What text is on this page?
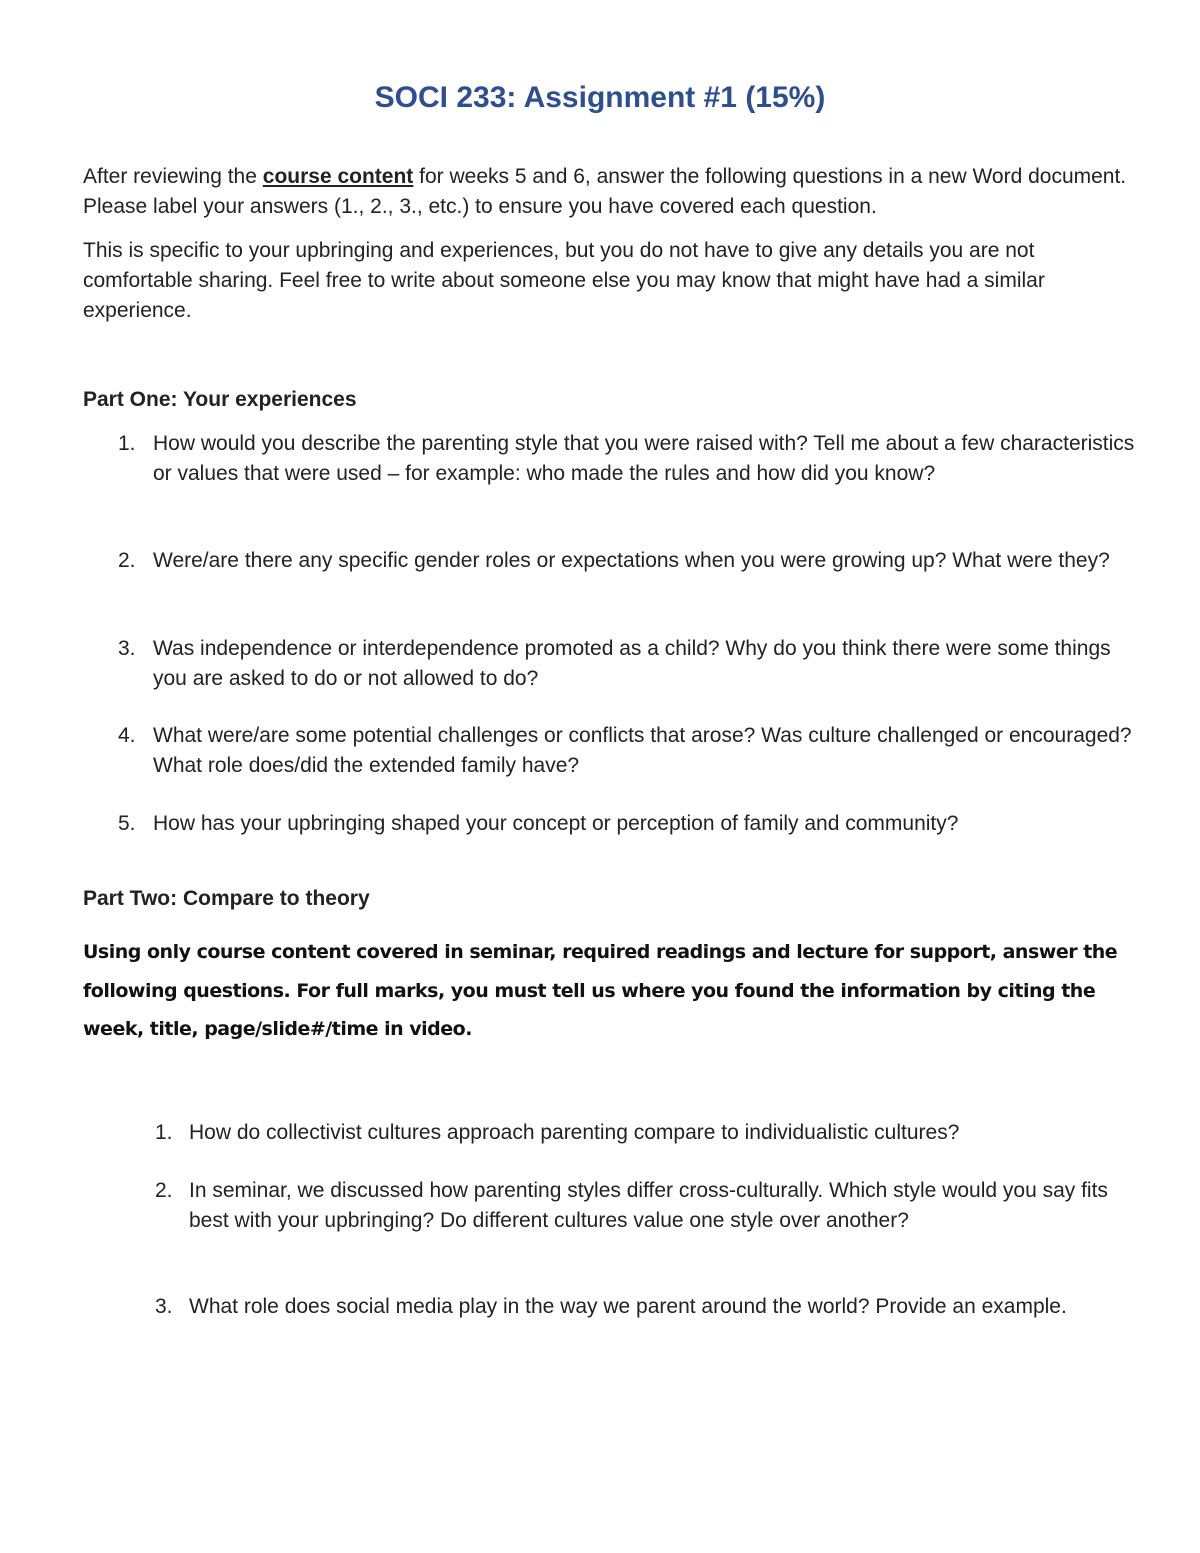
SOCI 233: Assignment #1 (15%)

After reviewing the course content for weeks 5 and 6, answer the following questions in a new Word document. Please label your answers (1., 2., 3., etc.) to ensure you have covered each question.

This is specific to your upbringing and experiences, but you do not have to give any details you are not comfortable sharing. Feel free to write about someone else you may know that might have had a similar experience.

Part One: Your experiences
1. How would you describe the parenting style that you were raised with? Tell me about a few characteristics or values that were used – for example: who made the rules and how did you know?
2. Were/are there any specific gender roles or expectations when you were growing up? What were they?
3. Was independence or interdependence promoted as a child? Why do you think there were some things you are asked to do or not allowed to do?
4. What were/are some potential challenges or conflicts that arose? Was culture challenged or encouraged? What role does/did the extended family have?
5. How has your upbringing shaped your concept or perception of family and community?
Part Two: Compare to theory

Using only course content covered in seminar, required readings and lecture for support, answer the following questions. For full marks, you must tell us where you found the information by citing the week, title, page/slide#/time in video.

1. How do collectivist cultures approach parenting compare to individualistic cultures?
2. In seminar, we discussed how parenting styles differ cross-culturally. Which style would you say fits best with your upbringing? Do different cultures value one style over another?
3. What role does social media play in the way we parent around the world? Provide an example.
